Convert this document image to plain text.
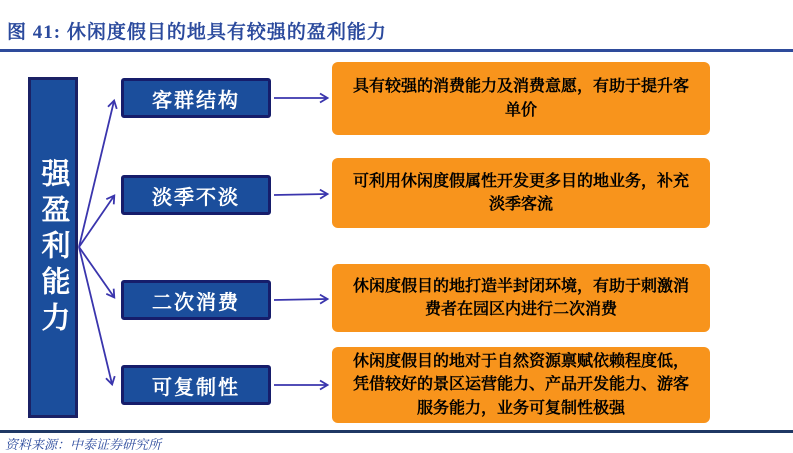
图 41: 休闲度假目的地具有较强的盈利能力
强盈利能力
客群结构
淡季不淡
二次消费
可复制性
具有较强的消费能力及消费意愿，有助于提升客单价
可利用休闲度假属性开发更多目的地业务，补充淡季客流
休闲度假目的地打造半封闭环境，有助于刺激消费者在园区内进行二次消费
休闲度假目的地对于自然资源禀赋依赖程度低，凭借较好的景区运营能力、产品开发能力、游客服务能力，业务可复制性极强
资料来源：中泰证券研究所
